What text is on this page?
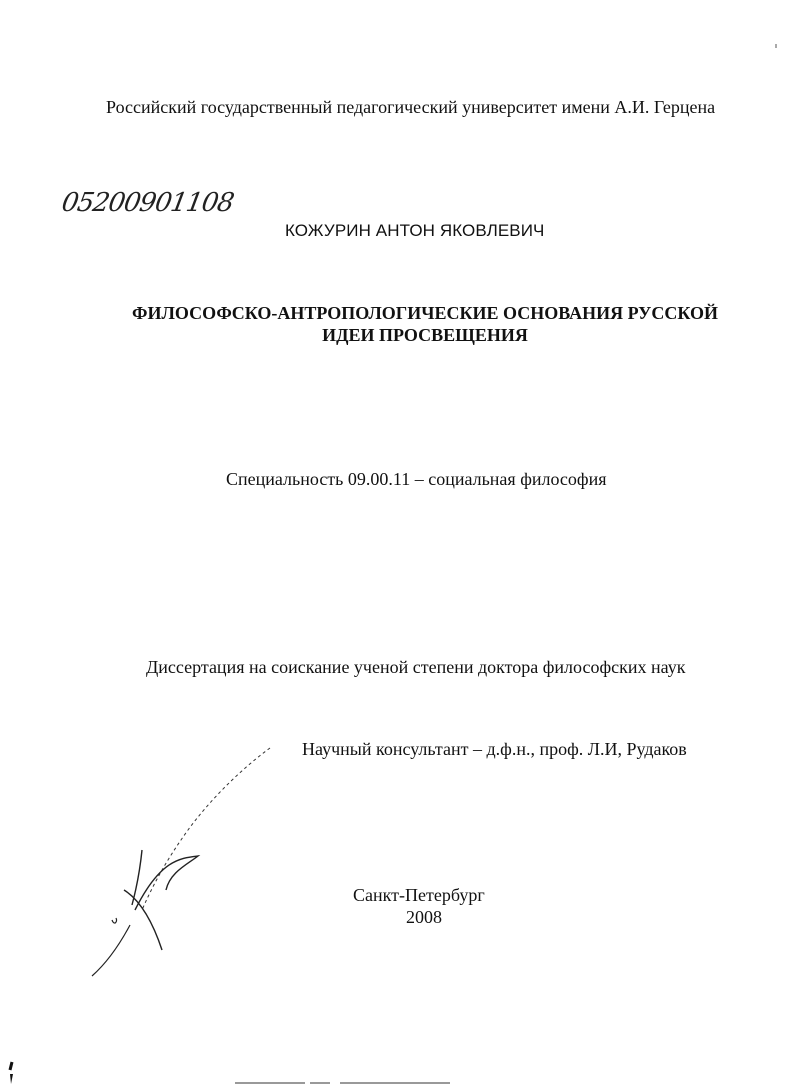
Российский государственный педагогический университет имени А.И. Герцена
05200901108
КОЖУРИН АНТОН ЯКОВЛЕВИЧ
ФИЛОСОФСКО-АНТРОПОЛОГИЧЕСКИЕ ОСНОВАНИЯ РУССКОЙ
ИДЕИ ПРОСВЕЩЕНИЯ
Специальность 09.00.11 – социальная философия
Диссертация на соискание ученой степени доктора философских наук
Научный консультант – д.ф.н., проф. Л.И, Рудаков
Санкт-Петербург
2008
